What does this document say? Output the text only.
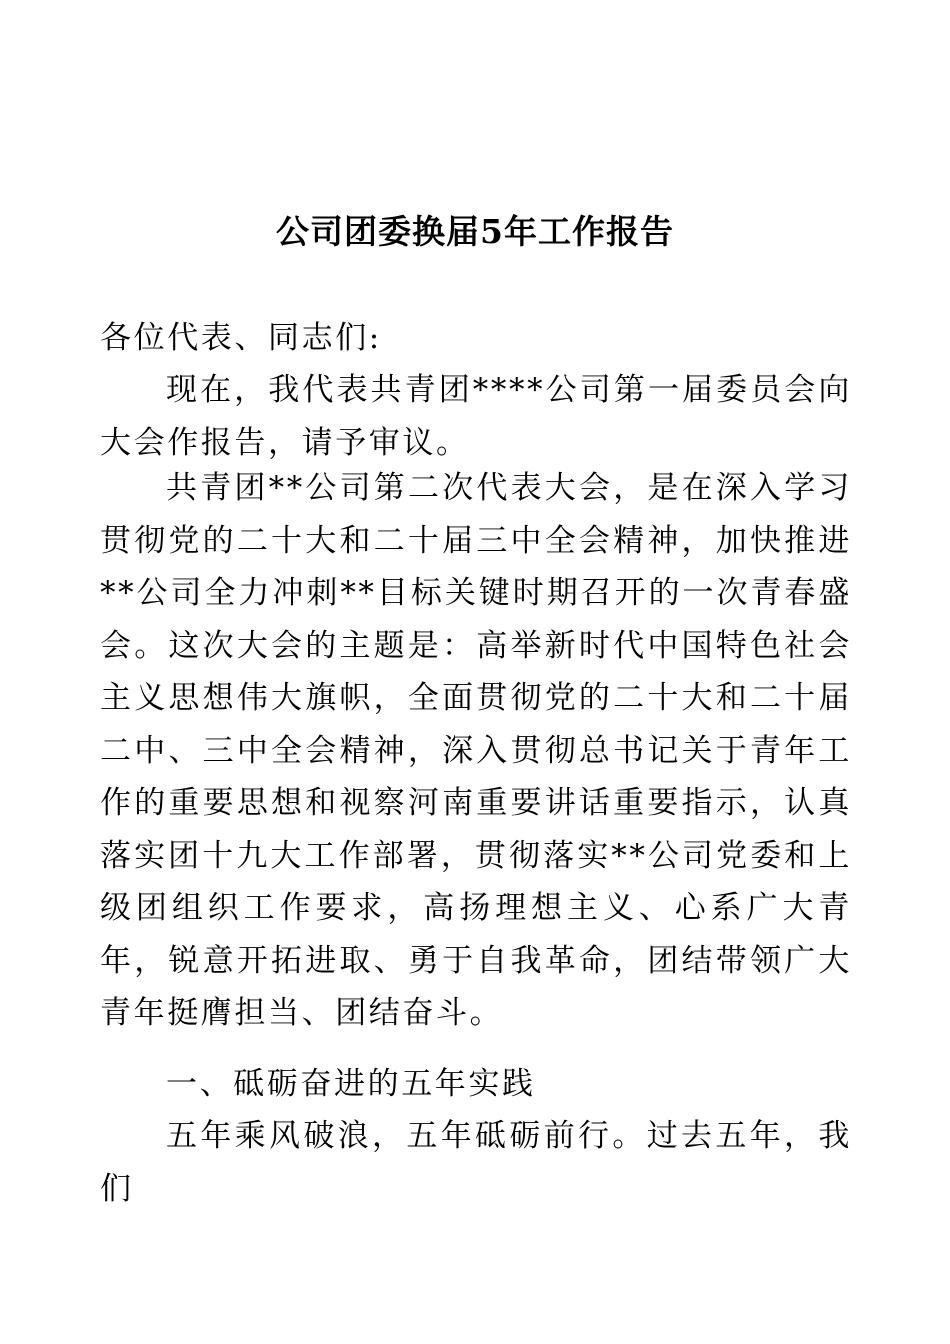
公司团委换届5年工作报告

各位代表、同志们:

现在，我代表共青团****公司第一届委员会向大会作报告，请予审议。

共青团**公司第二次代表大会，是在深入学习贯彻党的二十大和二十届三中全会精神，加快推进**公司全力冲刺**目标关键时期召开的一次青春盛会。这次大会的主题是：高举新时代中国特色社会主义思想伟大旗帜，全面贯彻党的二十大和二十届二中、三中全会精神，深入贯彻总书记关于青年工作的重要思想和视察河南重要讲话重要指示，认真落实团十九大工作部署，贯彻落实**公司党委和上级团组织工作要求，高扬理想主义、心系广大青年，锐意开拓进取、勇于自我革命，团结带领广大青年挺膺担当、团结奋斗。

一、砥砺奋进的五年实践

五年乘风破浪，五年砥砺前行。过去五年，我们
